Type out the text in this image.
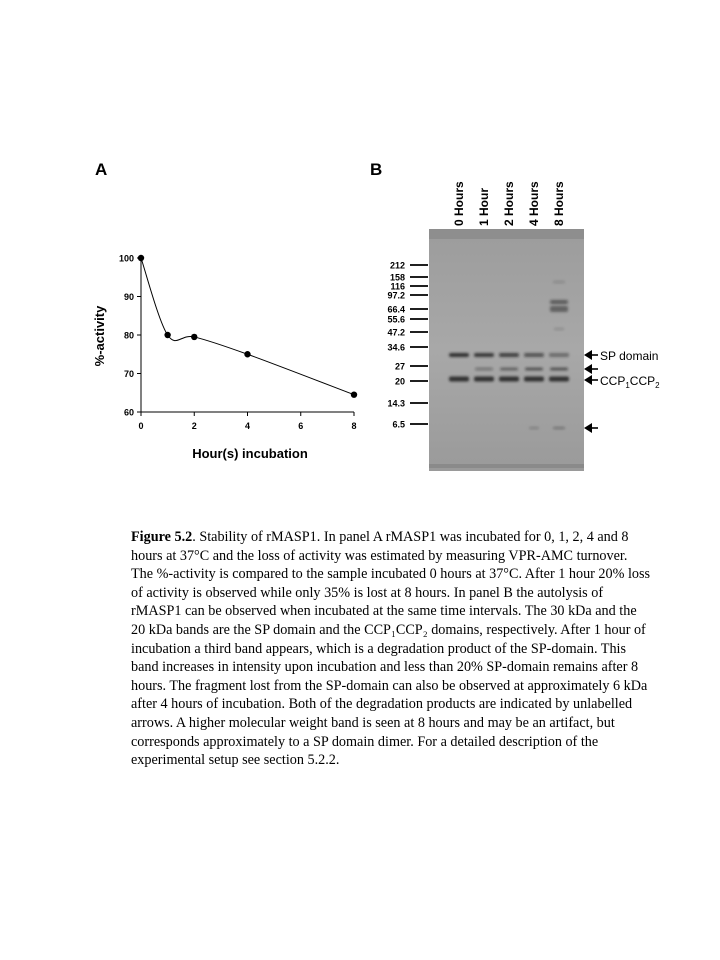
A	B
60
70
80
90
100
0	2	4	6	8
Hour(s) incubation
%-activity
0 Hours 1 Hour 2 Hours 4 Hours 8 Hours
212
158
116
97.2
66.4
55.6
47.2
34.6
27
20
14.3
6.5
SP domain
$CCP_1CCP_2$
Figure 5.2. Stability of rMASP1. In panel A rMASP1 was incubated for 0, 1, 2, 4 and 8 hours at 37°C and the loss of activity was estimated by measuring VPR-AMC turnover. The %-activity is compared to the sample incubated 0 hours at 37°C. After 1 hour 20% loss of activity is observed while only 35% is lost at 8 hours. In panel B the autolysis of rMASP1 can be observed when incubated at the same time intervals. The 30 kDa and the 20 kDa bands are the SP domain and the CCP₁CCP₂ domains, respectively. After 1 hour of incubation a third band appears, which is a degradation product of the SP-domain. This band increases in intensity upon incubation and less than 20% SP-domain remains after 8 hours. The fragment lost from the SP-domain can also be observed at approximately 6 kDa after 4 hours of incubation. Both of the degradation products are indicated by unlabelled arrows. A higher molecular weight band is seen at 8 hours and may be an artifact, but corresponds approximately to a SP domain dimer. For a detailed description of the experimental setup see section 5.2.2.
